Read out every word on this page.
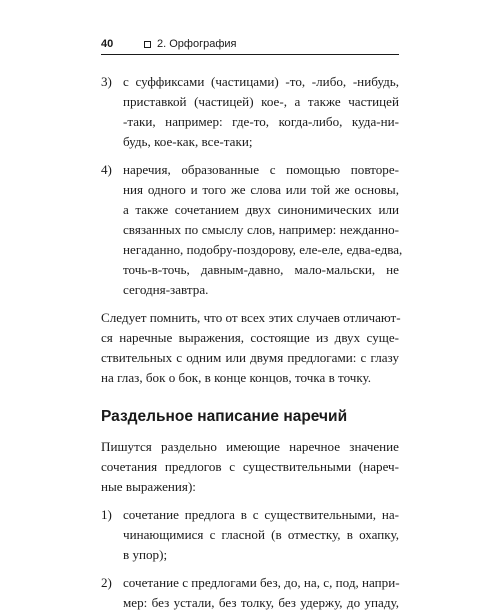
40	2. Орфография
3) с суффиксами (частицами) -то, -либо, -нибудь,
приставкой (частицей) кое-, а также частицей
-таки, например: где-то, когда-либо, куда-ни-
будь, кое-как, все-таки;
4) наречия, образованные с помощью повторе-
ния одного и того же слова или той же основы,
а также сочетанием двух синонимических или
связанных по смыслу слов, например: нежданно-
негаданно, подобру-поздорову, еле-еле, едва-едва,
точь-в-точь, давным-давно, мало-мальски, не
сегодня-завтра.
Следует помнить, что от всех этих случаев отличают-
ся наречные выражения, состоящие из двух суще-
ствительных с одним или двумя предлогами: с глазу
на глаз, бок о бок, в конце концов, точка в точку.
Раздельное написание наречий
Пишутся раздельно имеющие наречное значение
сочетания предлогов с существительными (нареч-
ные выражения):
1) сочетание предлога в с существительными, на-
чинающимися с гласной (в отместку, в охапку,
в упор);
2) сочетание с предлогами без, до, на, с, под, напри-
мер: без устали, без толку, без удержу, до упаду,
